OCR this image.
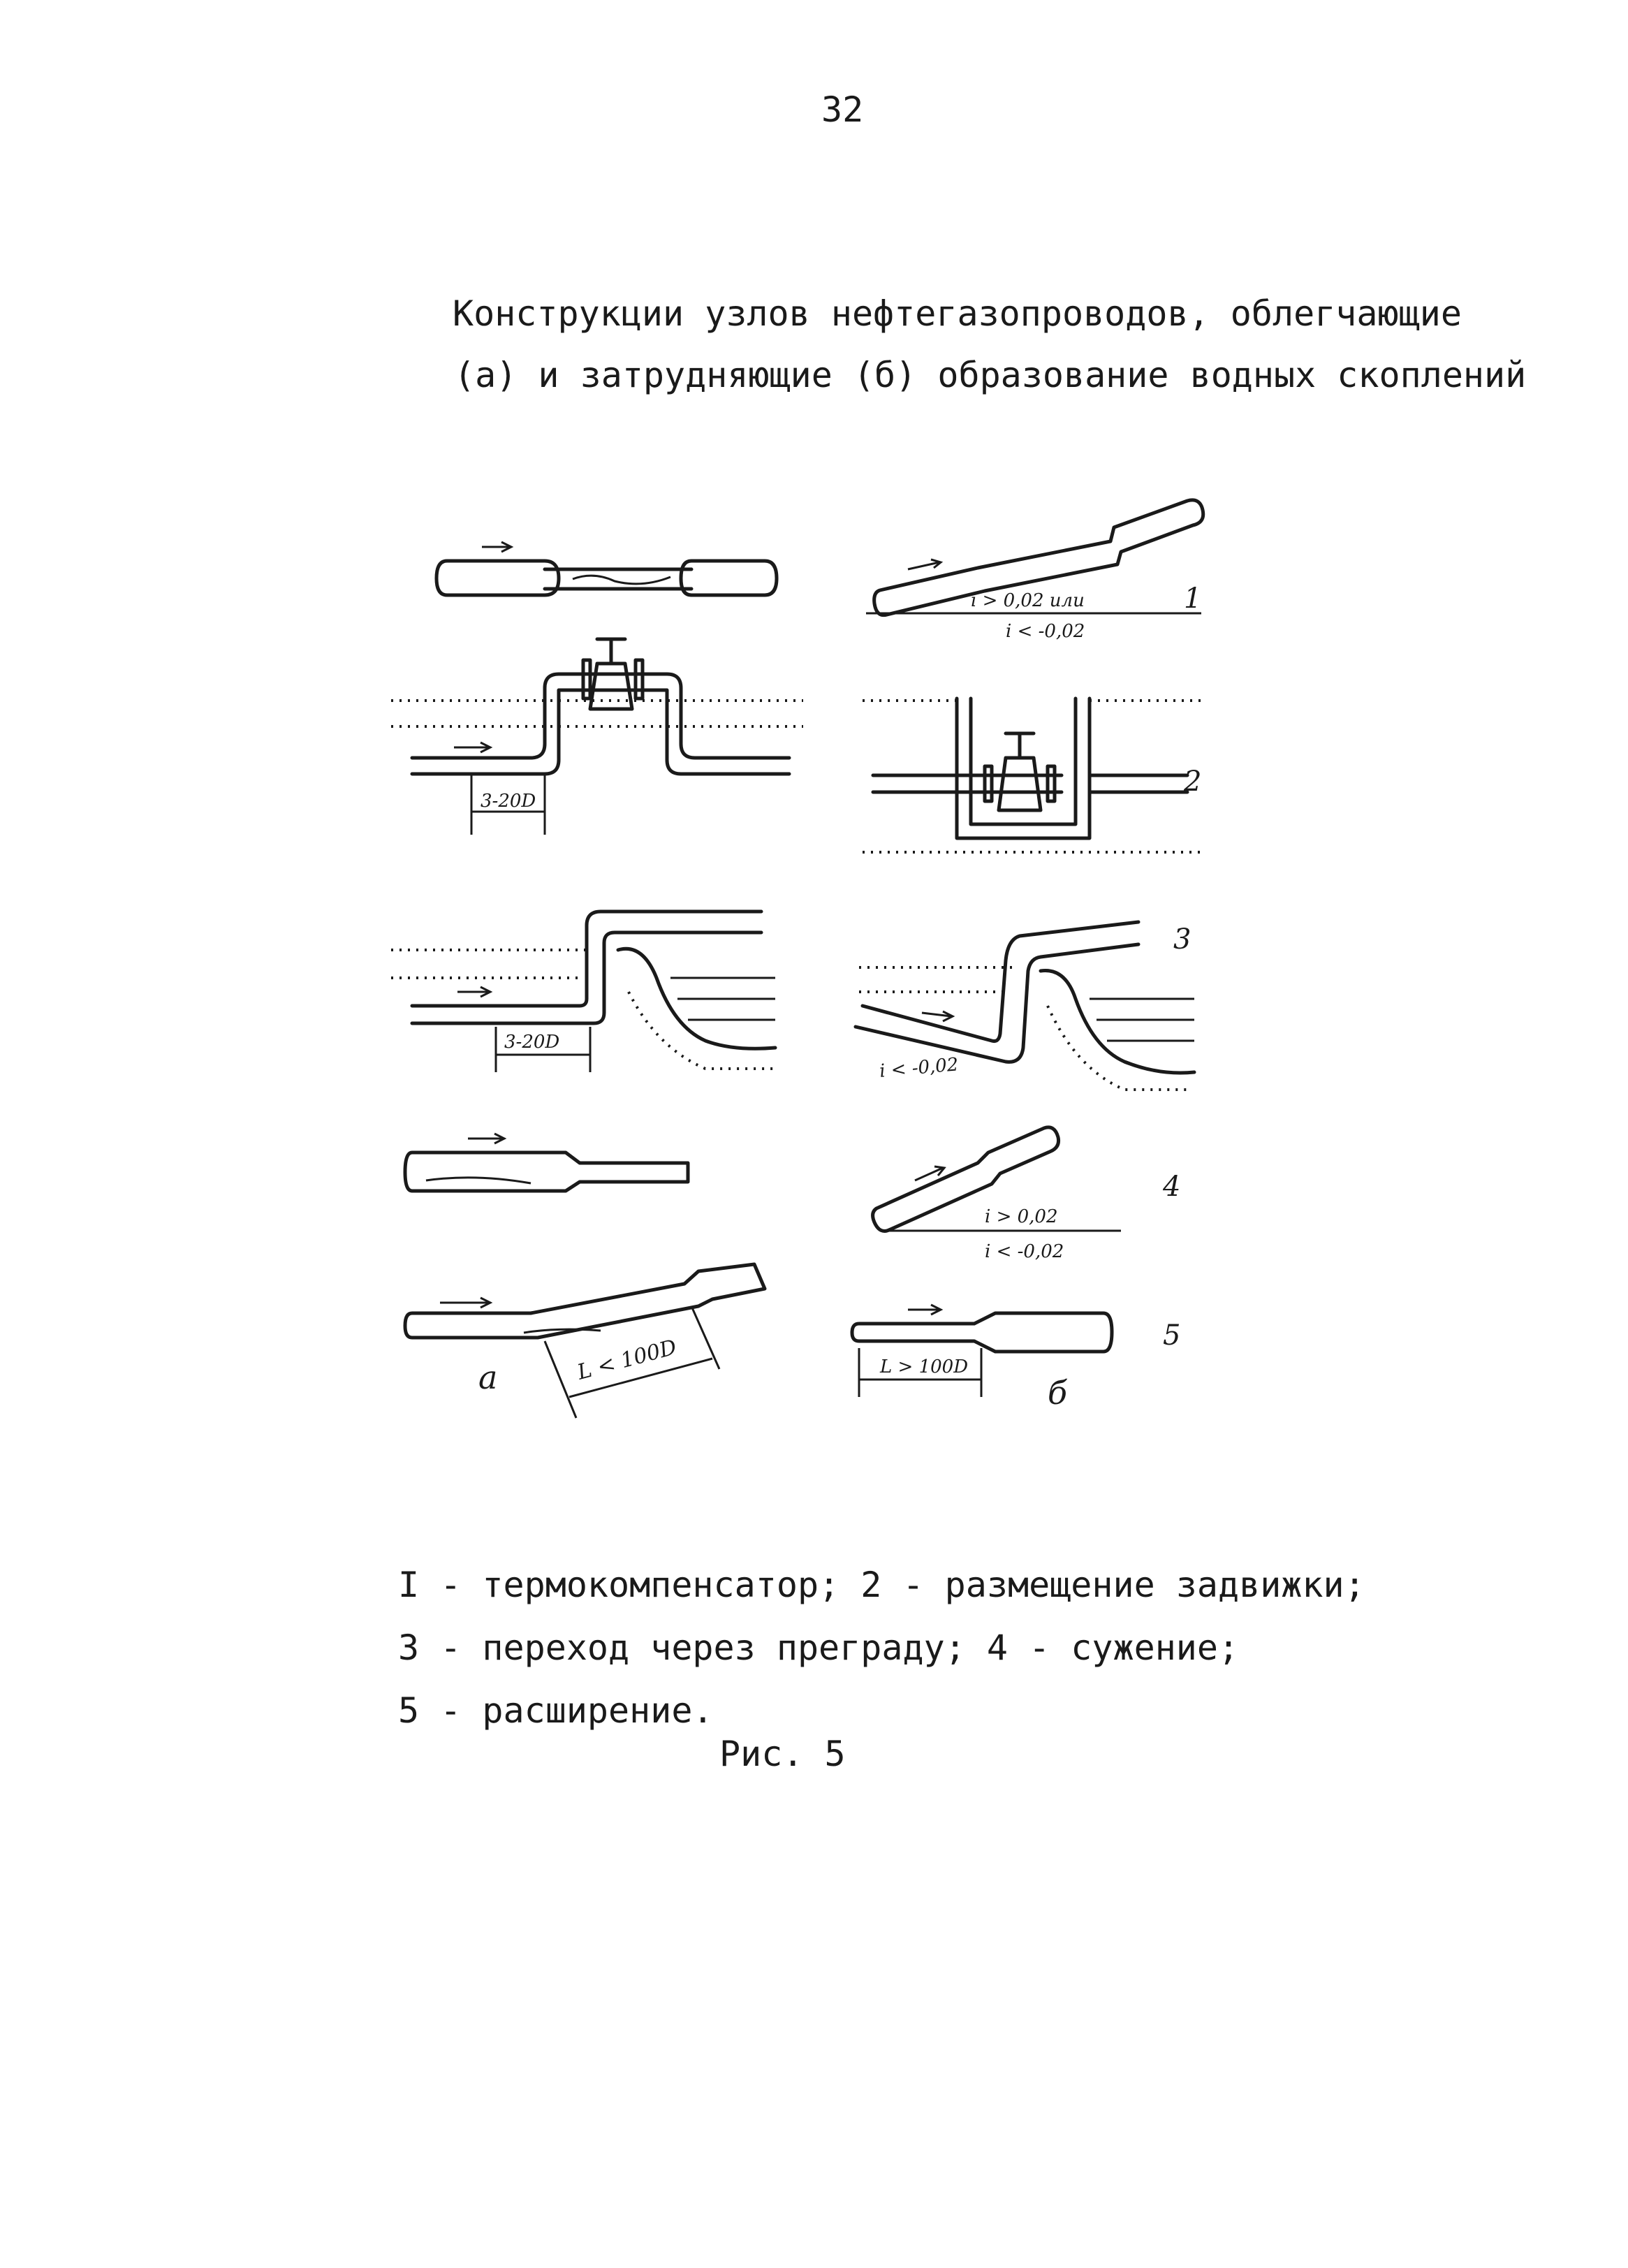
32
Конструкции узлов нефтегазопроводов, облегчающие
(а) и затрудняющие (б) образование водных скоплений
3-20D
3-20D
L < 100D
а
i > 0,02 или
i < -0,02
i < -0,02
i > 0,02
i < -0,02
L > 100D
б
1
2
3
4
5
I - термокомпенсатор; 2 - размещение задвижки;
3 - переход через преграду; 4 - сужение;
5 - расширение.
Рис. 5
